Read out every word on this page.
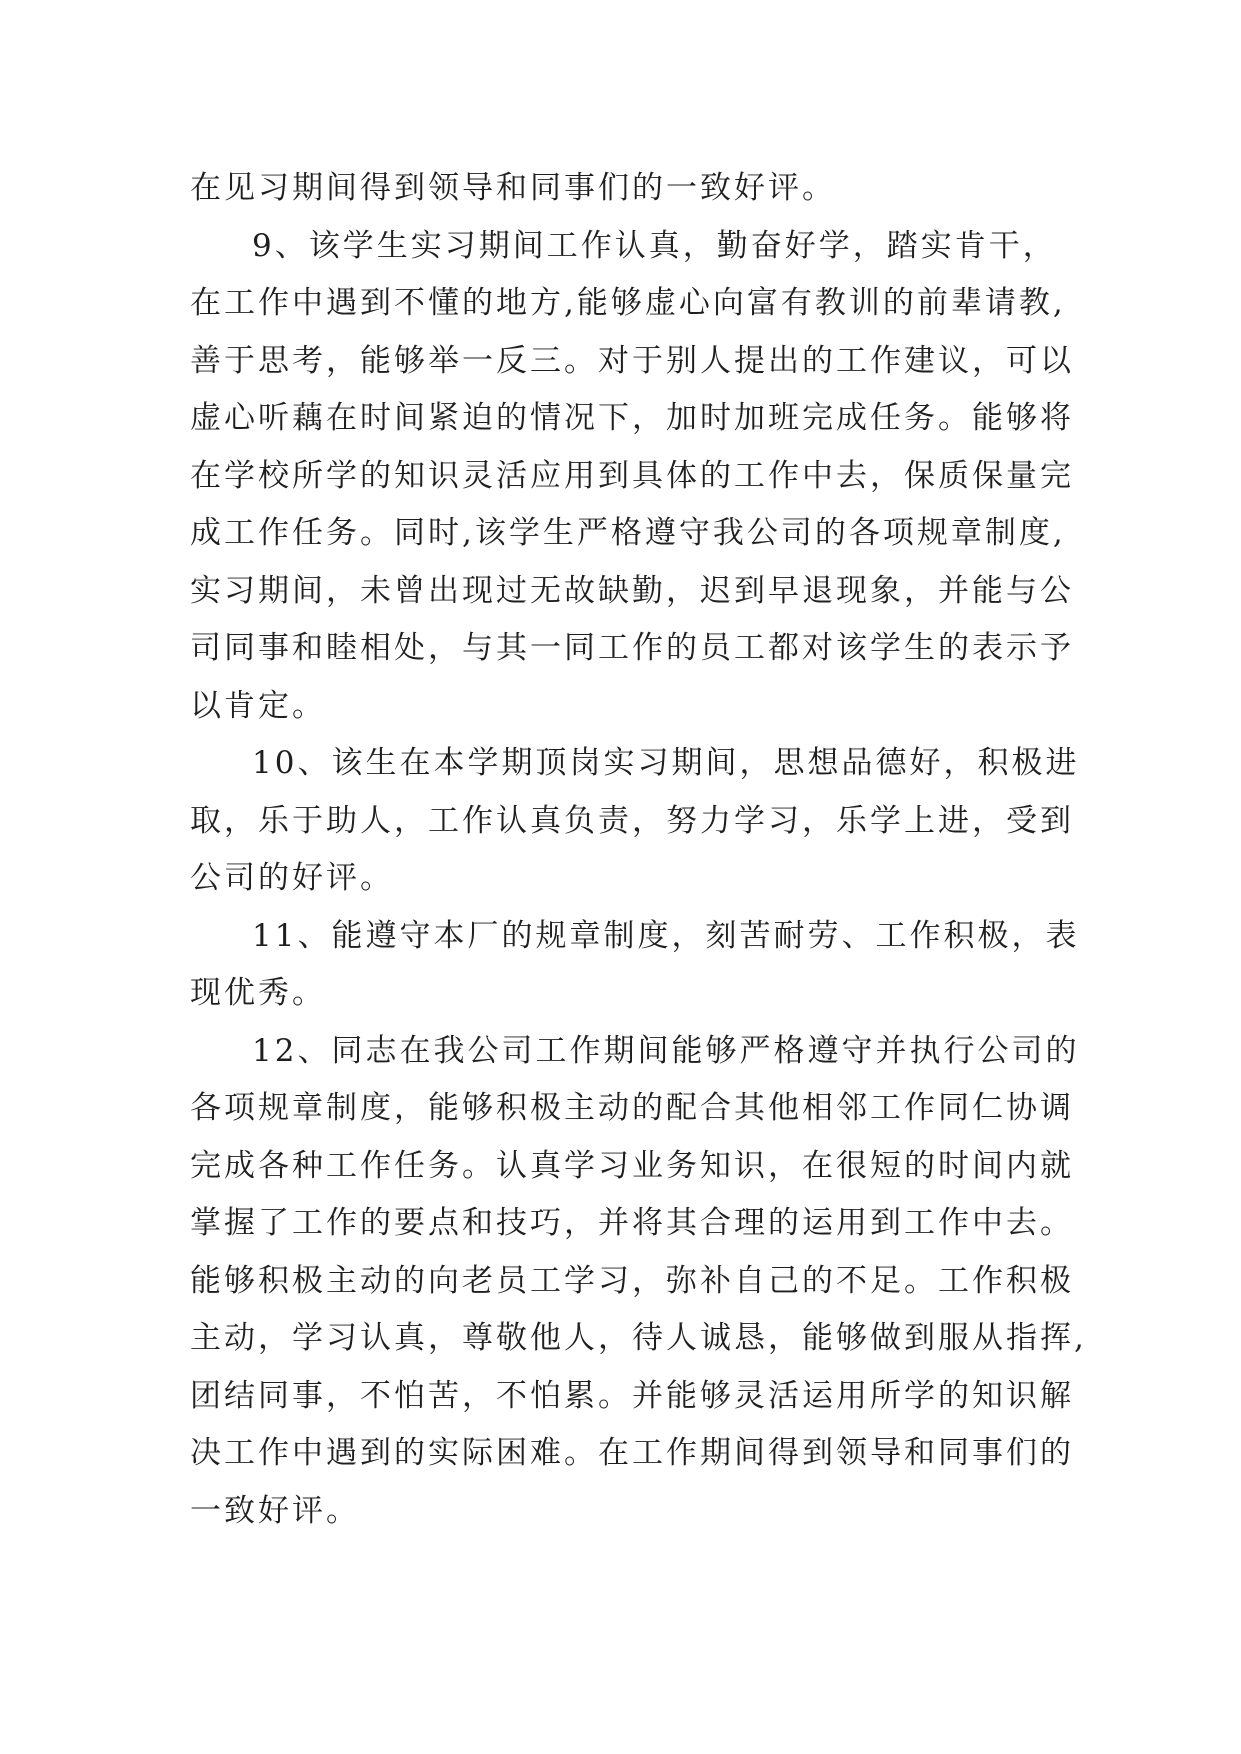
在见习期间得到领导和同事们的一致好评。
9、该学生实习期间工作认真，勤奋好学，踏实肯干，
在工作中遇到不懂的地方,能够虚心向富有教训的前辈请教,
善于思考，能够举一反三。对于别人提出的工作建议，可以
虚心听藕在时间紧迫的情况下，加时加班完成任务。能够将
在学校所学的知识灵活应用到具体的工作中去，保质保量完
成工作任务。同时,该学生严格遵守我公司的各项规章制度,
实习期间，未曾出现过无故缺勤，迟到早退现象，并能与公
司同事和睦相处，与其一同工作的员工都对该学生的表示予
以肯定。
10、该生在本学期顶岗实习期间，思想品德好，积极进
取，乐于助人，工作认真负责，努力学习，乐学上进，受到
公司的好评。
11、能遵守本厂的规章制度，刻苦耐劳、工作积极，表
现优秀。
12、同志在我公司工作期间能够严格遵守并执行公司的
各项规章制度，能够积极主动的配合其他相邻工作同仁协调
完成各种工作任务。认真学习业务知识，在很短的时间内就
掌握了工作的要点和技巧，并将其合理的运用到工作中去。
能够积极主动的向老员工学习，弥补自己的不足。工作积极
主动，学习认真，尊敬他人，待人诚恳，能够做到服从指挥,
团结同事，不怕苦，不怕累。并能够灵活运用所学的知识解
决工作中遇到的实际困难。在工作期间得到领导和同事们的
一致好评。
